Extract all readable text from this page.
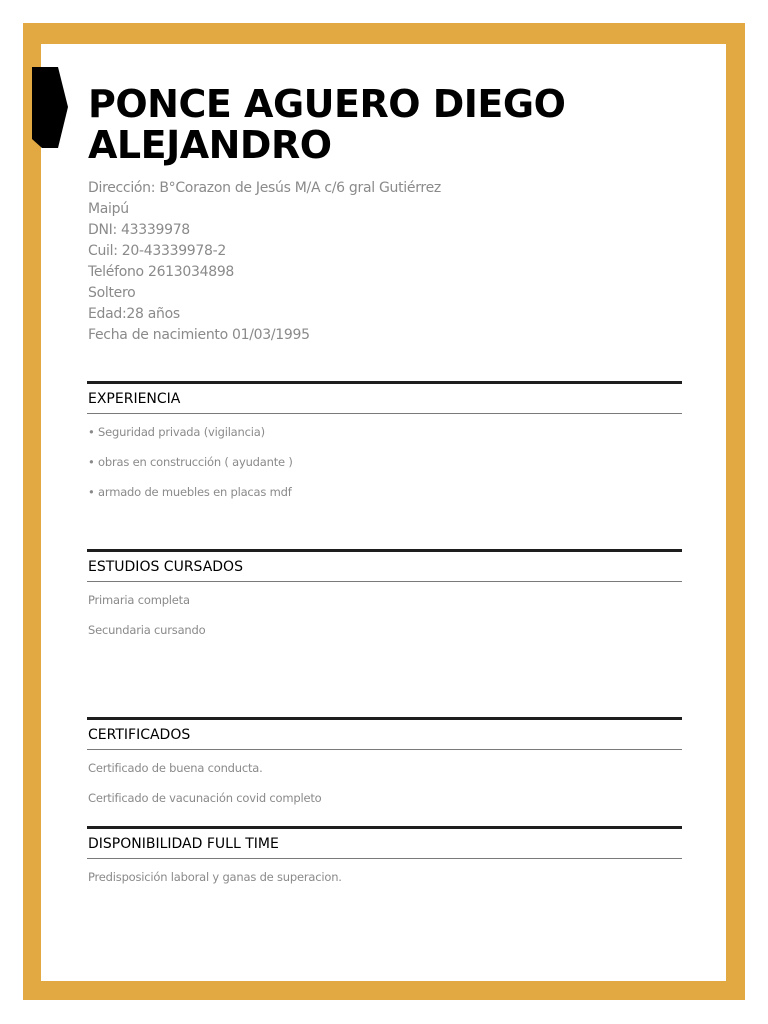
PONCE AGUERO DIEGO
ALEJANDRO
Dirección: B°Corazon de Jesús M/A c/6 gral Gutiérrez
Maipú
DNI: 43339978
Cuil: 20-43339978-2
Teléfono 2613034898
Soltero
Edad:28 años
Fecha de nacimiento 01/03/1995
EXPERIENCIA
• Seguridad privada (vigilancia)
• obras en construcción ( ayudante )
• armado de muebles en placas mdf
ESTUDIOS CURSADOS
Primaria completa
Secundaria cursando
CERTIFICADOS
Certificado de buena conducta.
Certificado de vacunación covid completo
DISPONIBILIDAD FULL TIME
Predisposición laboral y ganas de superacion.
